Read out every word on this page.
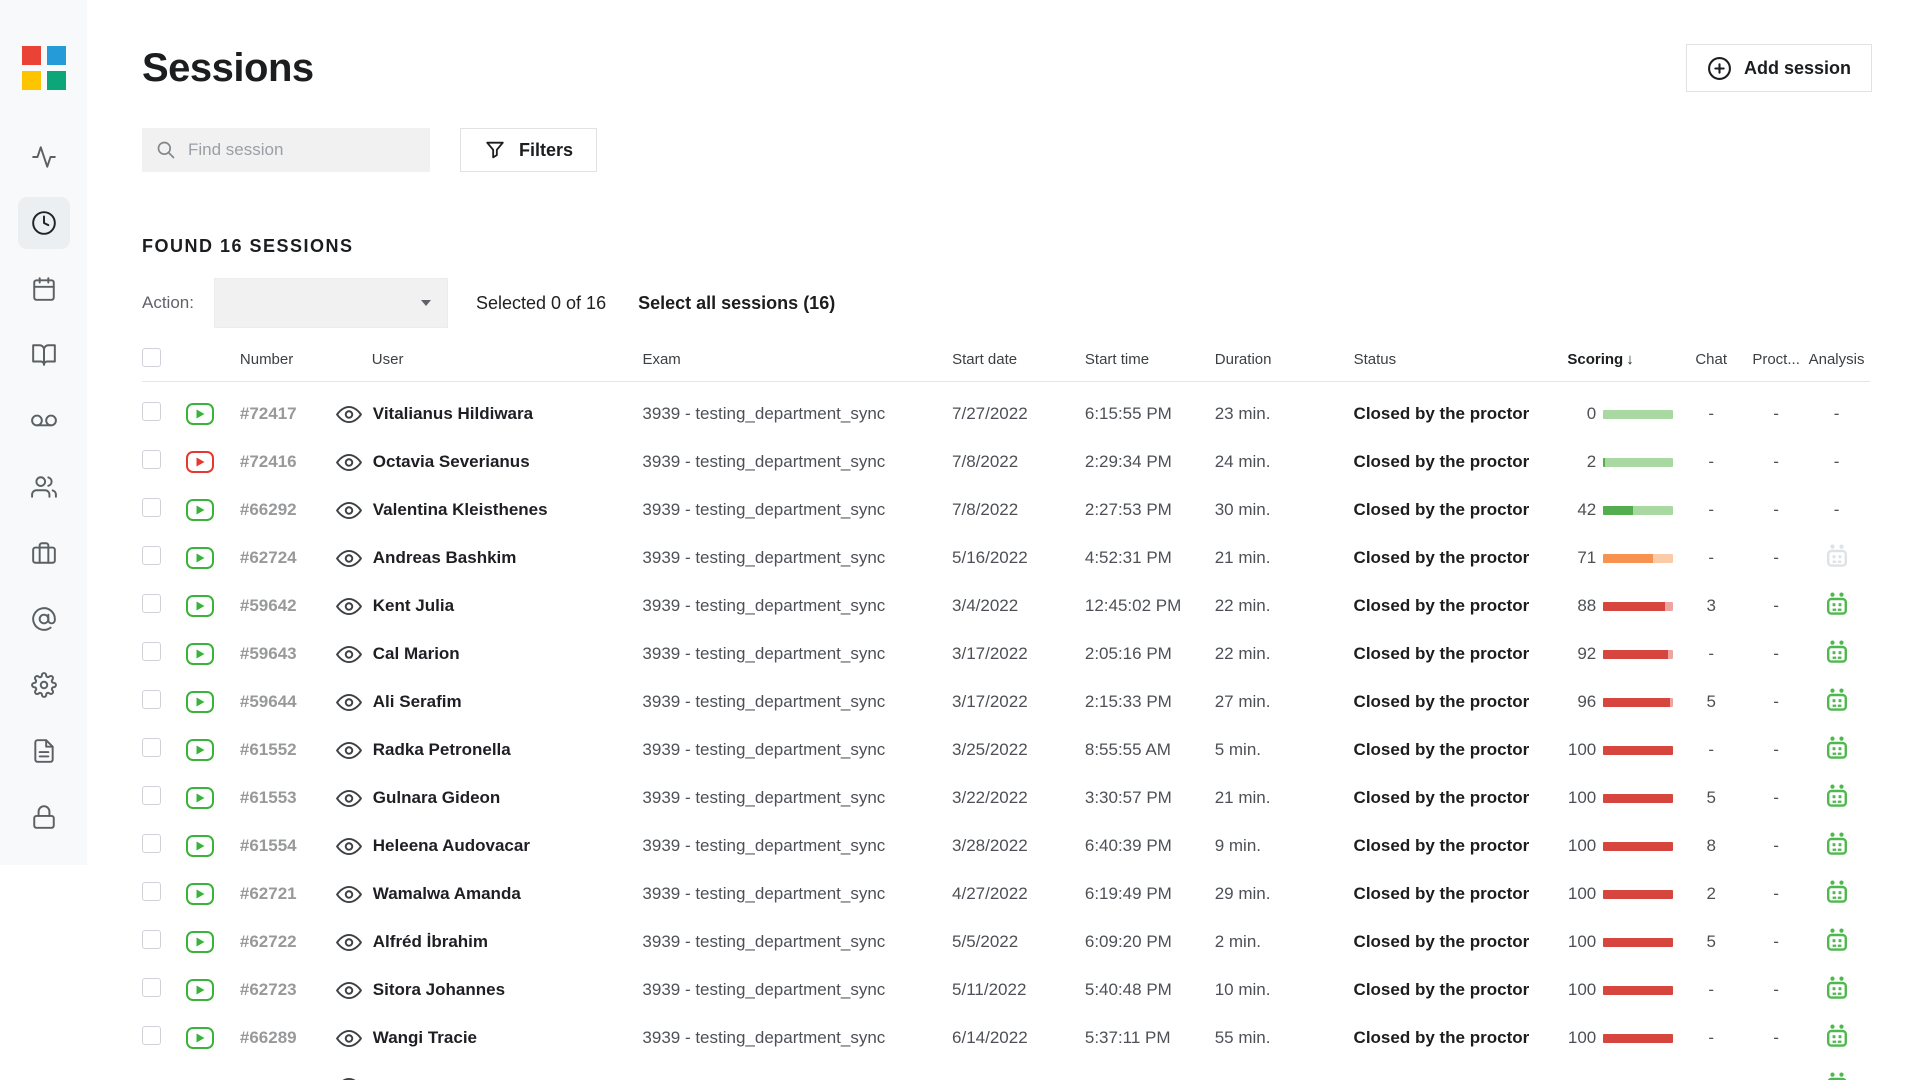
Sessions	Add session
Find session
Filters
FOUND 16 SESSIONS
Action:	Selected 0 of 16 Select all sessions (16)
Number	User	Exam	Start date	Start time	Duration	Status	Scoring ↓	Chat	Proct... Analysis
#72417	Vitalianus Hildiwara	3939 - testing_department_sync	7/27/2022	6:15:55 PM	23 min.	Closed by the proctor	0	-	-	-
#72416	Octavia Severianus	3939 - testing_department_sync	7/8/2022	2:29:34 PM	24 min.	Closed by the proctor	2	-	-	-
#66292	Valentina Kleisthenes	3939 - testing_department_sync	7/8/2022	2:27:53 PM	30 min.	Closed by the proctor	42	-	-	-
#62724	Andreas Bashkim	3939 - testing_department_sync	5/16/2022	4:52:31 PM	21 min.	Closed by the proctor	71	-	-
#59642	Kent Julia	3939 - testing_department_sync	3/4/2022	12:45:02 PM	22 min.	Closed by the proctor	88	3	-
#59643	Cal Marion	3939 - testing_department_sync	3/17/2022	2:05:16 PM	22 min.	Closed by the proctor	92	-	-
#59644	Ali Serafim	3939 - testing_department_sync	3/17/2022	2:15:33 PM	27 min.	Closed by the proctor	96	5	-
#61552	Radka Petronella	3939 - testing_department_sync	3/25/2022	8:55:55 AM	5 min.	Closed by the proctor	100	-	-
#61553	Gulnara Gideon	3939 - testing_department_sync	3/22/2022	3:30:57 PM	21 min.	Closed by the proctor	100	5	-
#61554	Heleena Audovacar	3939 - testing_department_sync	3/28/2022	6:40:39 PM	9 min.	Closed by the proctor	100	8	-
#62721	Wamalwa Amanda	3939 - testing_department_sync	4/27/2022	6:19:49 PM	29 min.	Closed by the proctor	100	2	-
#62722	Alfréd İbrahim	3939 - testing_department_sync	5/5/2022	6:09:20 PM	2 min.	Closed by the proctor	100	5	-
#62723	Sitora Johannes	3939 - testing_department_sync	5/11/2022	5:40:48 PM	10 min.	Closed by the proctor	100	-	-
#66289	Wangi Tracie	3939 - testing_department_sync	6/14/2022	5:37:11 PM	55 min.	Closed by the proctor	100	-	-
